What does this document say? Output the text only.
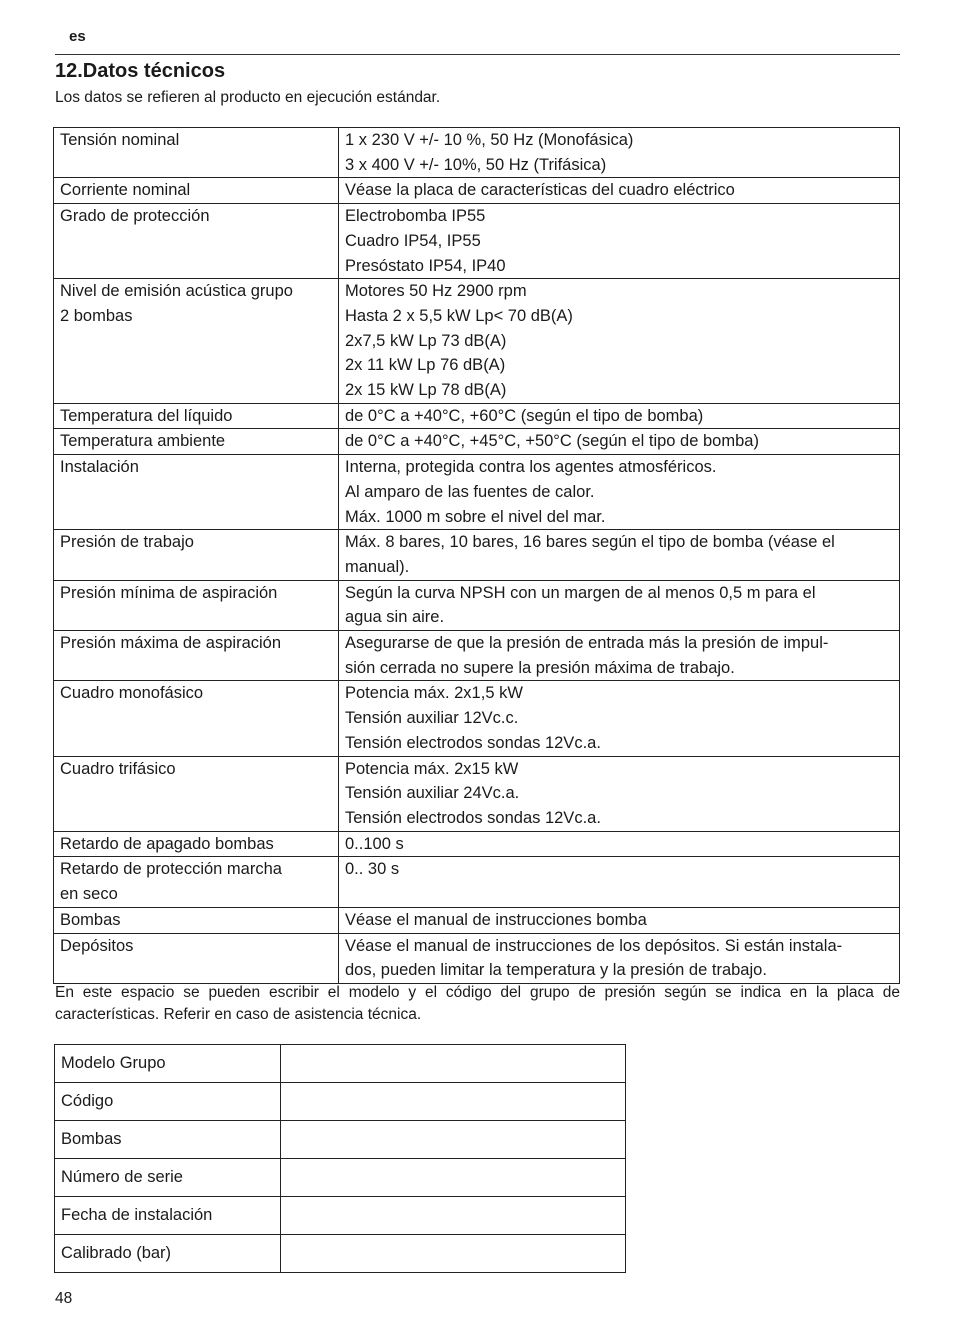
es
12.Datos técnicos
Los datos se refieren al producto en ejecución estándar.
Tensión nominal	1 x 230 V +/- 10 %, 50 Hz (Monofásica)
3 x 400 V +/- 10%, 50 Hz (Trifásica)

Corriente nominal	Véase la placa de características del cuadro eléctrico

Grado de protección	Electrobomba IP55
Cuadro IP54, IP55
Presóstato IP54, IP40

Nivel de emisión acústica grupo
2 bombas	Motores 50 Hz 2900 rpm
Hasta 2 x 5,5 kW Lp< 70 dB(A)
2x7,5 kW Lp 73 dB(A)
2x 11 kW Lp 76 dB(A)
2x 15 kW Lp 78 dB(A)

Temperatura del líquido	de 0°C a +40°C, +60°C (según el tipo de bomba)

Temperatura ambiente	de 0°C a +40°C, +45°C, +50°C (según el tipo de bomba)

Instalación	Interna, protegida contra los agentes atmosféricos.
Al amparo de las fuentes de calor.
Máx. 1000 m sobre el nivel del mar.

Presión de trabajo	Máx. 8 bares, 10 bares, 16 bares según el tipo de bomba (véase el
manual).

Presión mínima de aspiración	Según la curva NPSH con un margen de al menos 0,5 m para el
agua sin aire.

Presión máxima de aspiración	Asegurarse de que la presión de entrada más la presión de impul-
sión cerrada no supere la presión máxima de trabajo.

Cuadro monofásico	Potencia máx. 2x1,5 kW
Tensión auxiliar 12Vc.c.
Tensión electrodos sondas 12Vc.a.

Cuadro trifásico	Potencia máx. 2x15 kW
Tensión auxiliar 24Vc.a.
Tensión electrodos sondas 12Vc.a.

Retardo de apagado bombas	0..100 s

Retardo de protección marcha
en seco	0.. 30 s

Bombas	Véase el manual de instrucciones bomba

Depósitos	Véase el manual de instrucciones de los depósitos. Si están instala-
dos, pueden limitar la temperatura y la presión de trabajo.
En este espacio se pueden escribir el modelo y el código del grupo de presión según se indica en la placa de características. Referir en caso de asistencia técnica.
Modelo Grupo	
Código	
Bombas	
Número de serie	
Fecha de instalación	
Calibrado (bar)	
48
